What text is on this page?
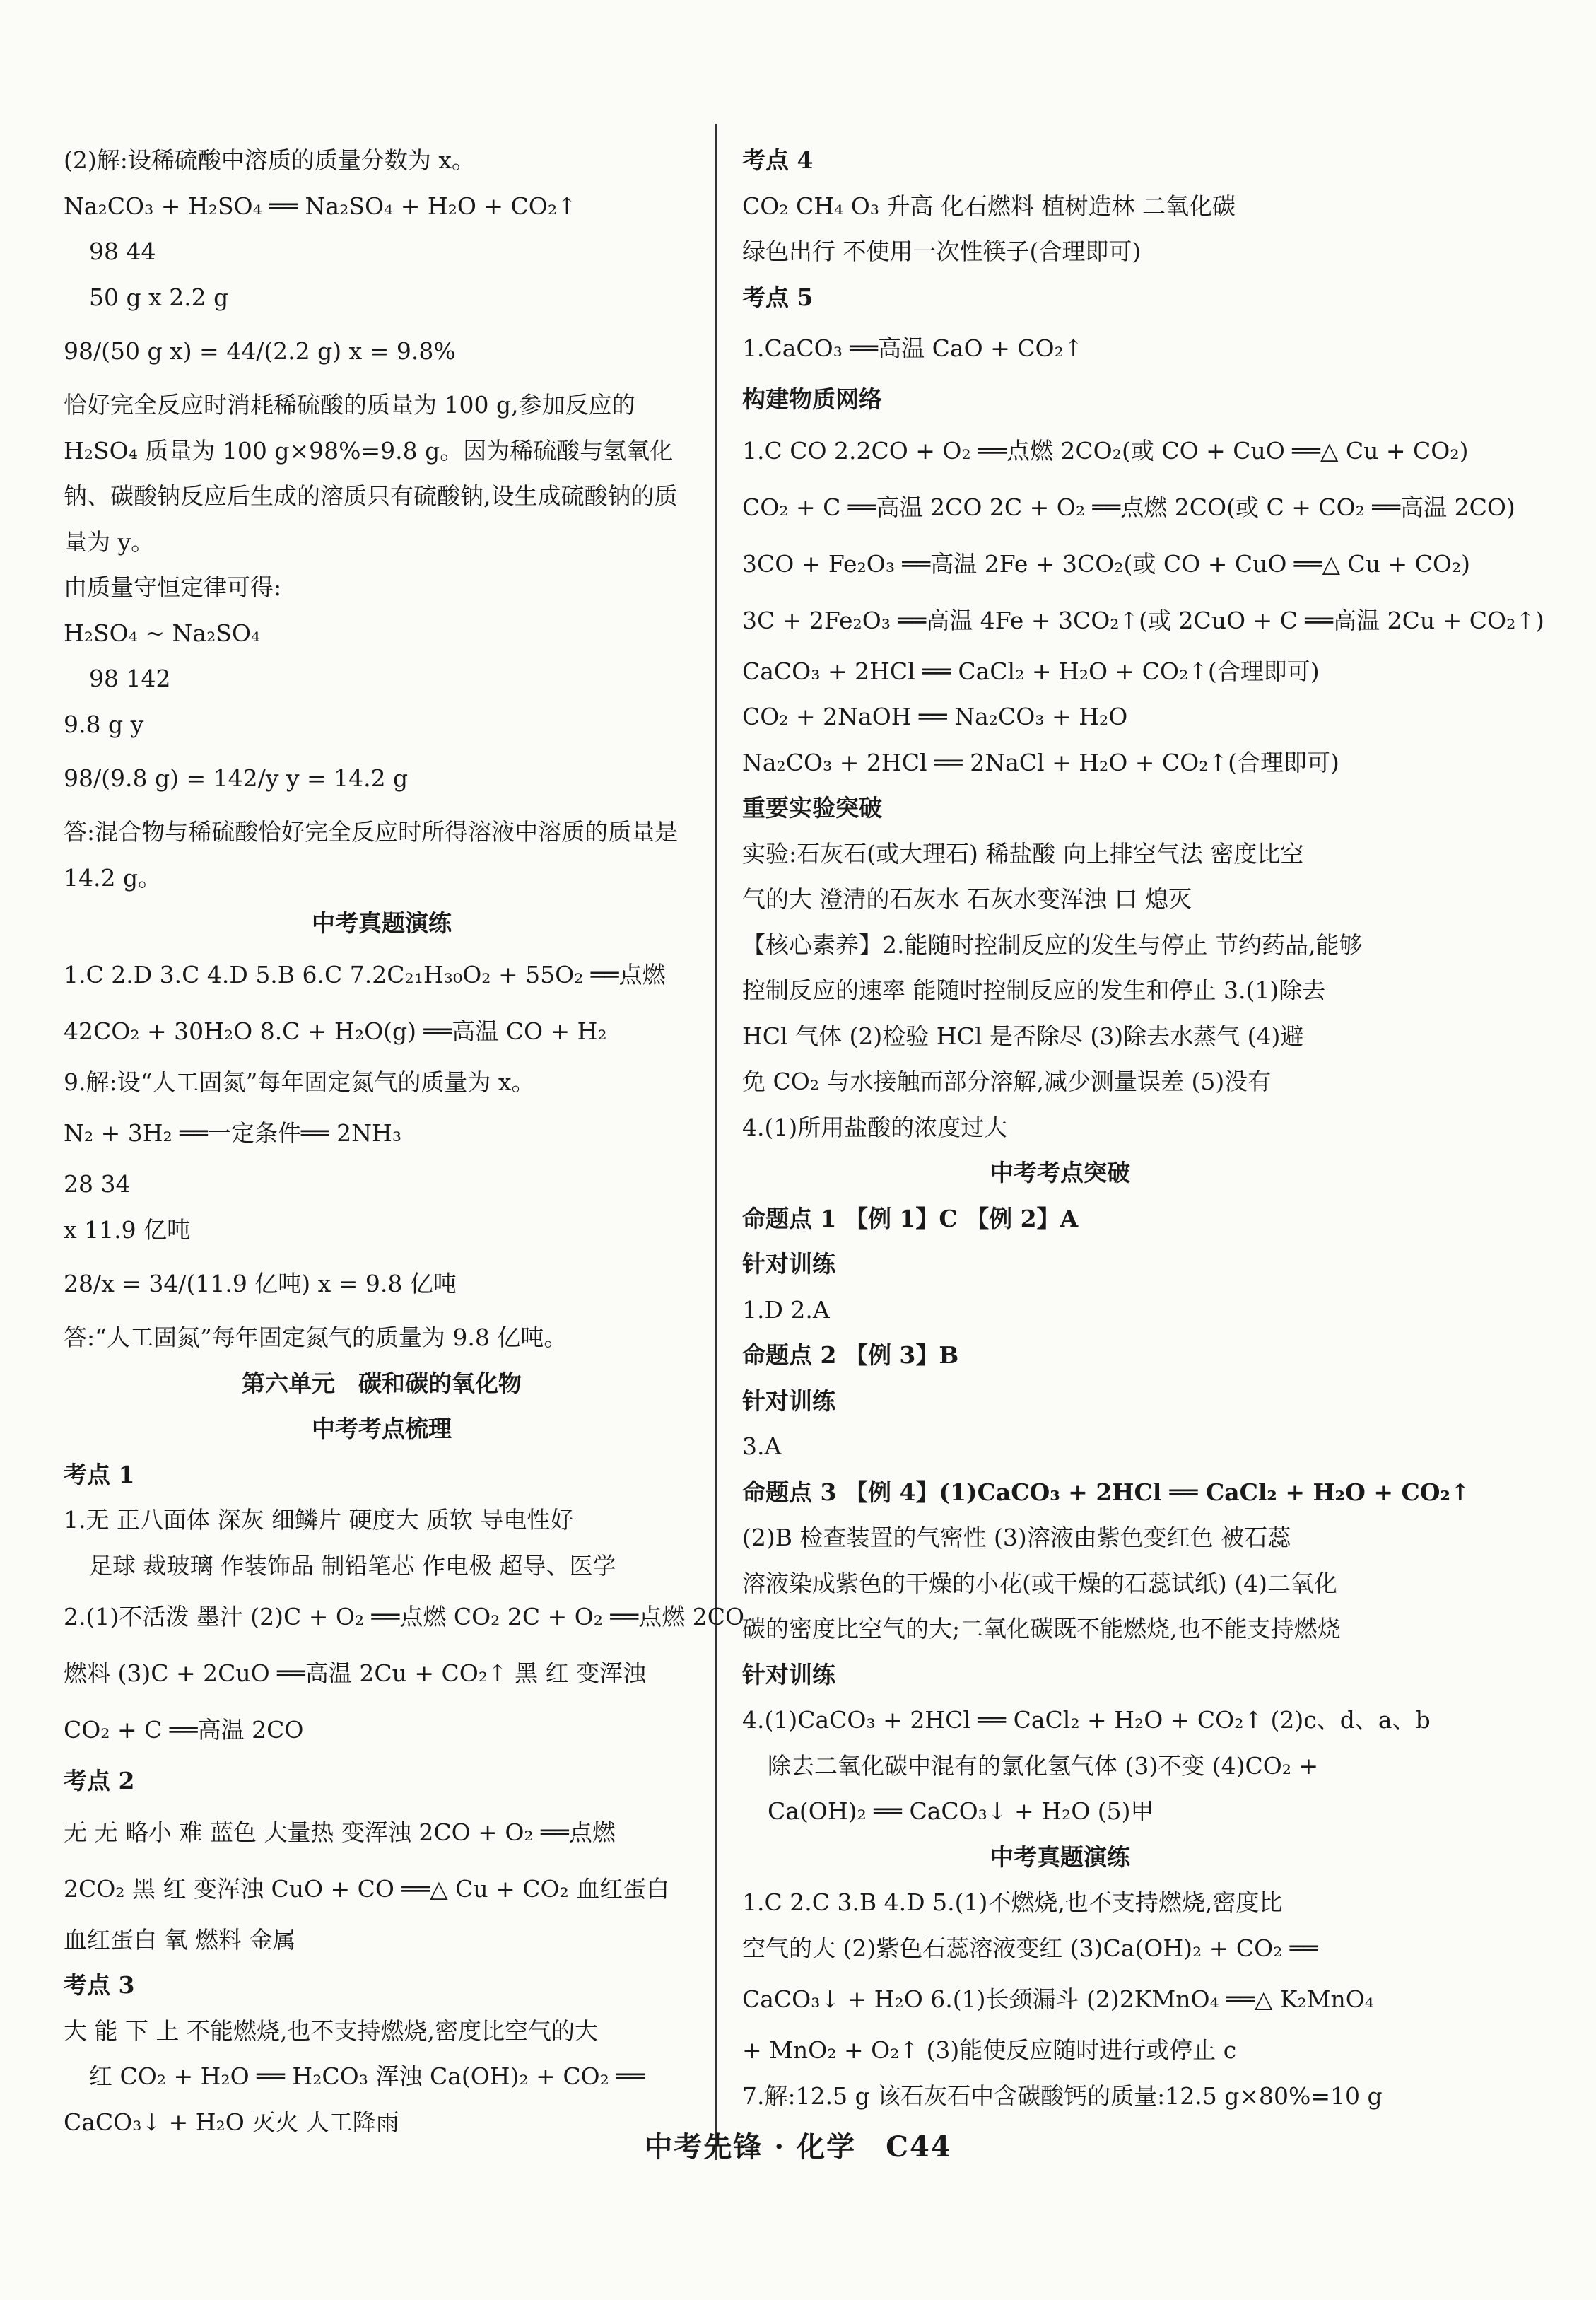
(2)解:设稀硫酸中溶质的质量分数为 x。
Na₂CO₃ + H₂SO₄ ══ Na₂SO₄ + H₂O + CO₂↑
98 44
50 g x 2.2 g
98/(50 g x) = 44/(2.2 g) x = 9.8%
恰好完全反应时消耗稀硫酸的质量为 100 g,参加反应的
H₂SO₄ 质量为 100 g×98%=9.8 g。因为稀硫酸与氢氧化
钠、碳酸钠反应后生成的溶质只有硫酸钠,设生成硫酸钠的质
量为 y。
由质量守恒定律可得:
H₂SO₄ ~ Na₂SO₄
98 142
9.8 g y
98/(9.8 g) = 142/y y = 14.2 g
答:混合物与稀硫酸恰好完全反应时所得溶液中溶质的质量是
14.2 g。
中考真题演练
1.C 2.D 3.C 4.D 5.B 6.C 7.2C₂₁H₃₀O₂ + 55O₂ ══点燃
42CO₂ + 30H₂O 8.C + H₂O(g) ══高温 CO + H₂
9.解:设“人工固氮”每年固定氮气的质量为 x。
N₂ + 3H₂ ══一定条件══ 2NH₃
28 34
x 11.9 亿吨
28/x = 34/(11.9 亿吨) x = 9.8 亿吨
答:“人工固氮”每年固定氮气的质量为 9.8 亿吨。
第六单元　碳和碳的氧化物
中考考点梳理
考点 1
1.无 正八面体 深灰 细鳞片 硬度大 质软 导电性好
足球 裁玻璃 作装饰品 制铅笔芯 作电极 超导、医学
2.(1)不活泼 墨汁 (2)C + O₂ ══点燃 CO₂ 2C + O₂ ══点燃 2CO
燃料 (3)C + 2CuO ══高温 2Cu + CO₂↑ 黑 红 变浑浊
CO₂ + C ══高温 2CO
考点 2
无 无 略小 难 蓝色 大量热 变浑浊 2CO + O₂ ══点燃
2CO₂ 黑 红 变浑浊 CuO + CO ══△ Cu + CO₂ 血红蛋白
血红蛋白 氧 燃料 金属
考点 3
大 能 下 上 不能燃烧,也不支持燃烧,密度比空气的大
红 CO₂ + H₂O ══ H₂CO₃ 浑浊 Ca(OH)₂ + CO₂ ══
CaCO₃↓ + H₂O 灭火 人工降雨
考点 4
CO₂ CH₄ O₃ 升高 化石燃料 植树造林 二氧化碳
绿色出行 不使用一次性筷子(合理即可)
考点 5
1.CaCO₃ ══高温 CaO + CO₂↑
构建物质网络
1.C CO 2.2CO + O₂ ══点燃 2CO₂(或 CO + CuO ══△ Cu + CO₂)
CO₂ + C ══高温 2CO 2C + O₂ ══点燃 2CO(或 C + CO₂ ══高温 2CO)
3CO + Fe₂O₃ ══高温 2Fe + 3CO₂(或 CO + CuO ══△ Cu + CO₂)
3C + 2Fe₂O₃ ══高温 4Fe + 3CO₂↑(或 2CuO + C ══高温 2Cu + CO₂↑)
CaCO₃ + 2HCl ══ CaCl₂ + H₂O + CO₂↑(合理即可)
CO₂ + 2NaOH ══ Na₂CO₃ + H₂O
Na₂CO₃ + 2HCl ══ 2NaCl + H₂O + CO₂↑(合理即可)
重要实验突破
实验:石灰石(或大理石) 稀盐酸 向上排空气法 密度比空
气的大 澄清的石灰水 石灰水变浑浊 口 熄灭
【核心素养】2.能随时控制反应的发生与停止 节约药品,能够
控制反应的速率 能随时控制反应的发生和停止 3.(1)除去
HCl 气体 (2)检验 HCl 是否除尽 (3)除去水蒸气 (4)避
免 CO₂ 与水接触而部分溶解,减少测量误差 (5)没有
4.(1)所用盐酸的浓度过大
中考考点突破
命题点 1 【例 1】C 【例 2】A
针对训练
1.D 2.A
命题点 2 【例 3】B
针对训练
3.A
命题点 3 【例 4】(1)CaCO₃ + 2HCl ══ CaCl₂ + H₂O + CO₂↑
(2)B 检查装置的气密性 (3)溶液由紫色变红色 被石蕊
溶液染成紫色的干燥的小花(或干燥的石蕊试纸) (4)二氧化
碳的密度比空气的大;二氧化碳既不能燃烧,也不能支持燃烧
针对训练
4.(1)CaCO₃ + 2HCl ══ CaCl₂ + H₂O + CO₂↑ (2)c、d、a、b
除去二氧化碳中混有的氯化氢气体 (3)不变 (4)CO₂ +
Ca(OH)₂ ══ CaCO₃↓ + H₂O (5)甲
中考真题演练
1.C 2.C 3.B 4.D 5.(1)不燃烧,也不支持燃烧,密度比
空气的大 (2)紫色石蕊溶液变红 (3)Ca(OH)₂ + CO₂ ══
CaCO₃↓ + H₂O 6.(1)长颈漏斗 (2)2KMnO₄ ══△ K₂MnO₄
+ MnO₂ + O₂↑ (3)能使反应随时进行或停止 c
7.解:12.5 g 该石灰石中含碳酸钙的质量:12.5 g×80%=10 g
中考先锋 · 化学　C44
